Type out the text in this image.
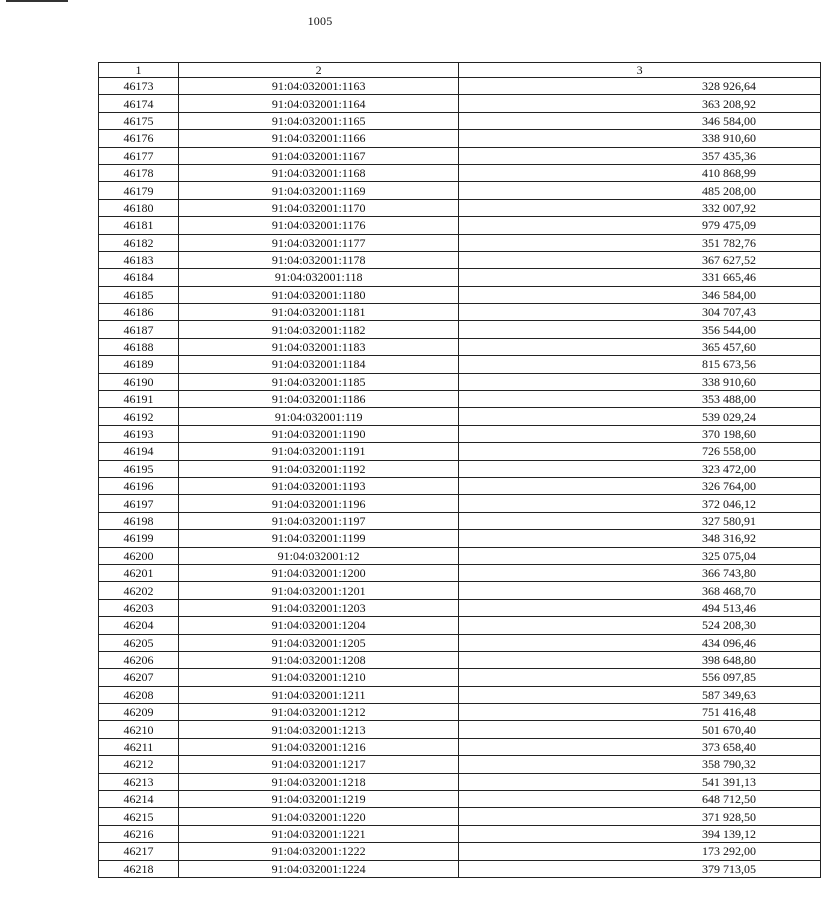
1005
1	2	3
46173	91:04:032001:1163	328 926,64
46174	91:04:032001:1164	363 208,92
46175	91:04:032001:1165	346 584,00
46176	91:04:032001:1166	338 910,60
46177	91:04:032001:1167	357 435,36
46178	91:04:032001:1168	410 868,99
46179	91:04:032001:1169	485 208,00
46180	91:04:032001:1170	332 007,92
46181	91:04:032001:1176	979 475,09
46182	91:04:032001:1177	351 782,76
46183	91:04:032001:1178	367 627,52
46184	91:04:032001:118	331 665,46
46185	91:04:032001:1180	346 584,00
46186	91:04:032001:1181	304 707,43
46187	91:04:032001:1182	356 544,00
46188	91:04:032001:1183	365 457,60
46189	91:04:032001:1184	815 673,56
46190	91:04:032001:1185	338 910,60
46191	91:04:032001:1186	353 488,00
46192	91:04:032001:119	539 029,24
46193	91:04:032001:1190	370 198,60
46194	91:04:032001:1191	726 558,00
46195	91:04:032001:1192	323 472,00
46196	91:04:032001:1193	326 764,00
46197	91:04:032001:1196	372 046,12
46198	91:04:032001:1197	327 580,91
46199	91:04:032001:1199	348 316,92
46200	91:04:032001:12	325 075,04
46201	91:04:032001:1200	366 743,80
46202	91:04:032001:1201	368 468,70
46203	91:04:032001:1203	494 513,46
46204	91:04:032001:1204	524 208,30
46205	91:04:032001:1205	434 096,46
46206	91:04:032001:1208	398 648,80
46207	91:04:032001:1210	556 097,85
46208	91:04:032001:1211	587 349,63
46209	91:04:032001:1212	751 416,48
46210	91:04:032001:1213	501 670,40
46211	91:04:032001:1216	373 658,40
46212	91:04:032001:1217	358 790,32
46213	91:04:032001:1218	541 391,13
46214	91:04:032001:1219	648 712,50
46215	91:04:032001:1220	371 928,50
46216	91:04:032001:1221	394 139,12
46217	91:04:032001:1222	173 292,00
46218	91:04:032001:1224	379 713,05
